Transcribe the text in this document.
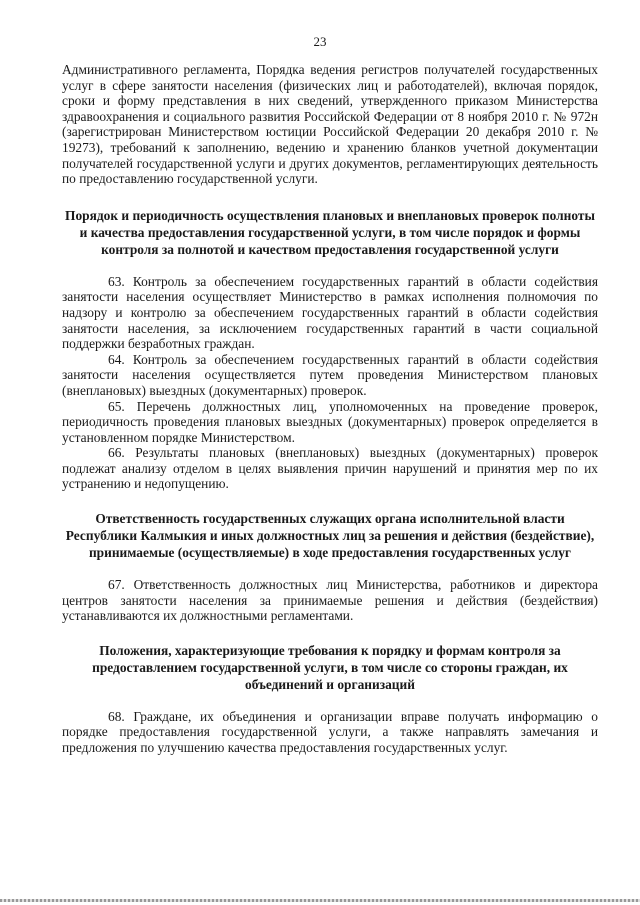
23

Административного регламента, Порядка ведения регистров получателей государственных услуг в сфере занятости населения (физических лиц и работодателей), включая порядок, сроки и форму представления в них сведений, утвержденного приказом Министерства здравоохранения и социального развития Российской Федерации от 8 ноября 2010 г. № 972н (зарегистрирован Министерством юстиции Российской Федерации 20 декабря 2010 г. № 19273), требований к заполнению, ведению и хранению бланков учетной документации получателей государственной услуги и других документов, регламентирующих деятельность по предоставлению государственной услуги.

Порядок и периодичность осуществления плановых и внеплановых проверок полноты и качества предоставления государственной услуги, в том числе порядок и формы контроля за полнотой и качеством предоставления государственной услуги

63. Контроль за обеспечением государственных гарантий в области содействия занятости населения осуществляет Министерство в рамках исполнения полномочия по надзору и контролю за обеспечением государственных гарантий в области содействия занятости населения, за исключением государственных гарантий в части социальной поддержки безработных граждан.

64. Контроль за обеспечением государственных гарантий в области содействия занятости населения осуществляется путем проведения Министерством плановых (внеплановых) выездных (документарных) проверок.

65. Перечень должностных лиц, уполномоченных на проведение проверок, периодичность проведения плановых выездных (документарных) проверок определяется в установленном порядке Министерством.

66. Результаты плановых (внеплановых) выездных (документарных) проверок подлежат анализу отделом в целях выявления причин нарушений и принятия мер по их устранению и недопущению.

Ответственность государственных служащих органа исполнительной власти Республики Калмыкия и иных должностных лиц за решения и действия (бездействие), принимаемые (осуществляемые) в ходе предоставления государственных услуг

67. Ответственность должностных лиц Министерства, работников и директора центров занятости населения за принимаемые решения и действия (бездействия) устанавливаются их должностными регламентами.

Положения, характеризующие требования к порядку и формам контроля за предоставлением государственной услуги, в том числе со стороны граждан, их объединений и организаций

68. Граждане, их объединения и организации вправе получать информацию о порядке предоставления государственной услуги, а также направлять замечания и предложения по улучшению качества предоставления государственных услуг.
